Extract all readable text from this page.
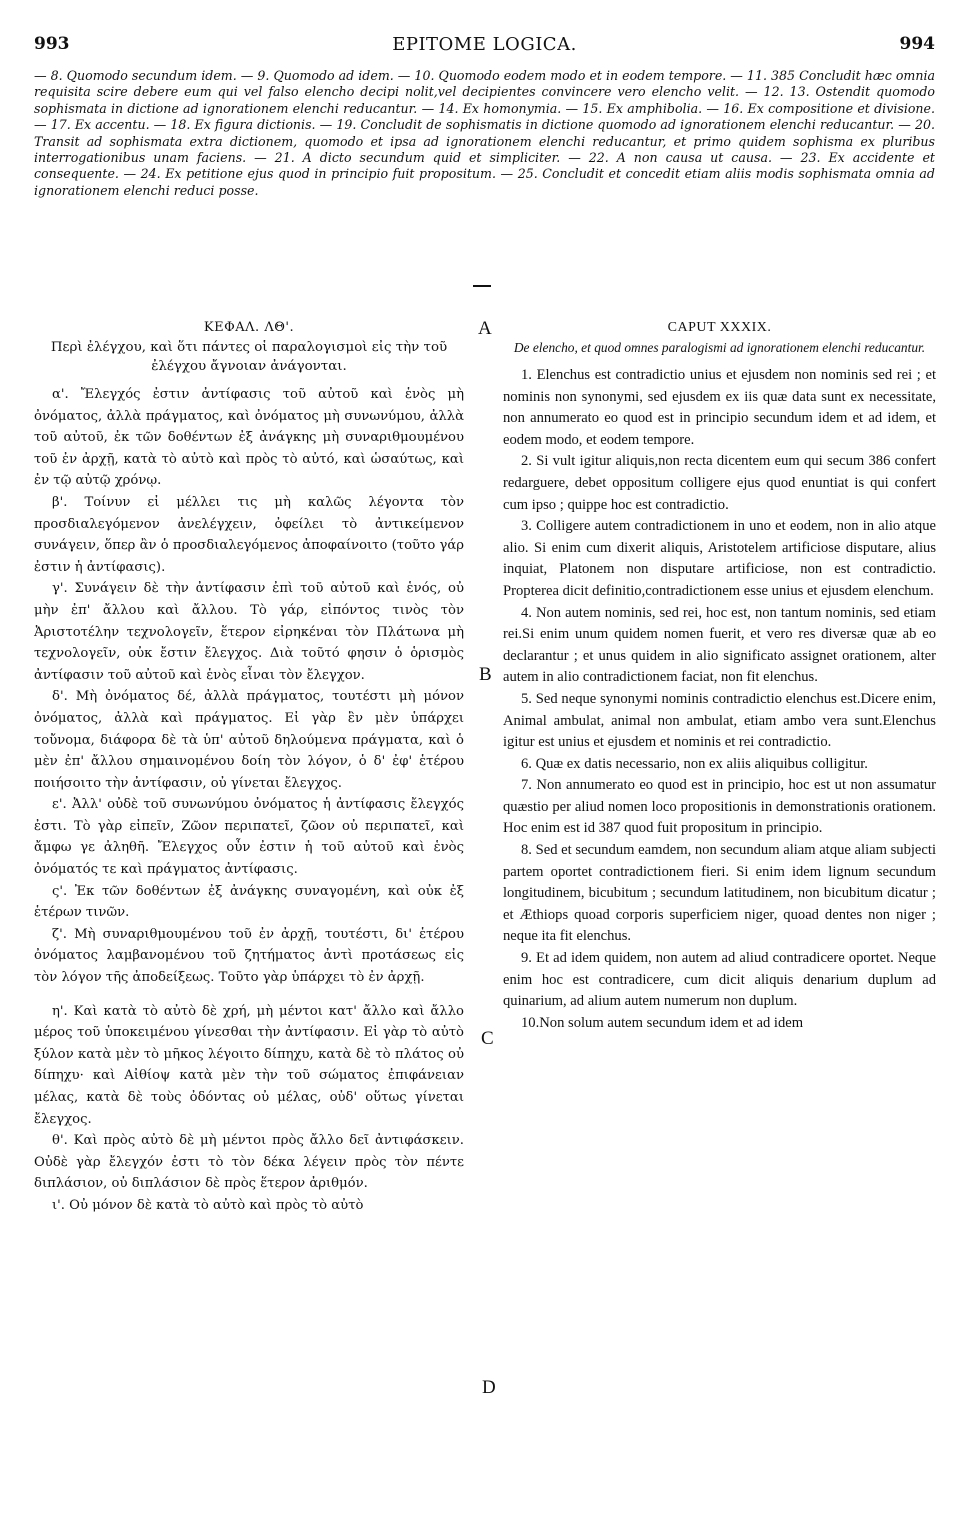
993	EPITOME LOGICA.	994
— 8. Quomodo secundum idem. — 9. Quomodo ad idem. — 10. Quomodo eodem modo et in eodem tempore. — 11. 385 Concludit hæc omnia requisita scire debere eum qui vel falso elencho decipi nolit,vel decipientes convincere vero elencho velit. — 12. 13. Ostendit quomodo sophismata in dictione ad ignorationem elenchi reducantur. — 14. Ex homonymia. — 15. Ex amphibolia. — 16. Ex compositione et divisione. — 17. Ex accentu. — 18. Ex figura dictionis. — 19. Concludit de sophismatis in dictione quomodo ad ignorationem elenchi reducantur. — 20. Transit ad sophismata extra dictionem, quomodo et ipsa ad ignorationem elenchi reducantur, et primo quidem sophisma ex pluribus interrogationibus unam faciens. — 21. A dicto secundum quid et simpliciter. — 22. A non causa ut causa. — 23. Ex accidente et consequente. — 24. Ex petitione ejus quod in principio fuit propositum. — 25. Concludit et concedit etiam aliis modis sophismata omnia ad ignorationem elenchi reduci posse.

ΚΕΦΑΛ. ΛΘ'.

Περὶ ἐλέγχου, καὶ ὅτι πάντες οἱ παραλογισμοὶ εἰς τὴν τοῦ ἐλέγχου ἄγνοιαν ἀνάγονται.

α'. Ἔλεγχός ἐστιν ἀντίφασις τοῦ αὐτοῦ καὶ ἑνὸς μὴ ὀνόματος, ἀλλὰ πράγματος, καὶ ὀνόματος μὴ συνωνύμου, ἀλλὰ τοῦ αὐτοῦ, ἐκ τῶν δοθέντων ἐξ ἀνάγκης μὴ συναριθμουμένου τοῦ ἐν ἀρχῇ, κατὰ τὸ αὐτὸ καὶ πρὸς τὸ αὐτό, καὶ ὡσαύτως, καὶ ἐν τῷ αὐτῷ χρόνῳ.

β'. Τοίνυν εἰ μέλλει τις μὴ καλῶς λέγοντα τὸν προσδιαλεγόμενον ἀνελέγχειν, ὀφείλει τὸ ἀντικείμενον συνάγειν, ὅπερ ἂν ὁ προσδιαλεγόμενος ἀποφαίνοιτο (τοῦτο γάρ ἐστιν ἡ ἀντίφασις).

γ'. Συνάγειν δὲ τὴν ἀντίφασιν ἐπὶ τοῦ αὐτοῦ καὶ ἑνός, οὐ μὴν ἐπ' ἄλλου καὶ ἄλλου. Τὸ γάρ, εἰπόντος τινὸς τὸν Ἀριστοτέλην τεχνολογεῖν, ἕτερον εἰρηκέναι τὸν Πλάτωνα μὴ τεχνολογεῖν, οὐκ ἔστιν ἔλεγχος. Διὰ τοῦτό φησιν ὁ ὁρισμὸς ἀντίφασιν τοῦ αὐτοῦ καὶ ἑνὸς εἶναι τὸν ἔλεγχον.

δ'. Μὴ ὀνόματος δέ, ἀλλὰ πράγματος, τουτέστι μὴ μόνον ὀνόματος, ἀλλὰ καὶ πράγματος. Εἰ γὰρ ἓν μὲν ὑπάρχει τοὔνομα, διάφορα δὲ τὰ ὑπ' αὐτοῦ δηλούμενα πράγματα, καὶ ὁ μὲν ἐπ' ἄλλου σημαινομένου δοίη τὸν λόγον, ὁ δ' ἐφ' ἑτέρου ποιήσοιτο τὴν ἀντίφασιν, οὐ γίνεται ἔλεγχος.

ε'. Ἀλλ' οὐδὲ τοῦ συνωνύμου ὀνόματος ἡ ἀντίφασις ἔλεγχός ἐστι. Τὸ γὰρ εἰπεῖν, Ζῶον περιπατεῖ, ζῶον οὐ περιπατεῖ, καὶ ἄμφω γε ἀληθῆ. Ἔλεγχος οὖν ἐστιν ἡ τοῦ αὐτοῦ καὶ ἑνὸς ὀνόματός τε καὶ πράγματος ἀντίφασις.

ς'. Ἐκ τῶν δοθέντων ἐξ ἀνάγκης συναγομένη, καὶ οὐκ ἐξ ἑτέρων τινῶν.

ζ'. Μὴ συναριθμουμένου τοῦ ἐν ἀρχῇ, τουτέστι, δι' ἑτέρου ὀνόματος λαμβανομένου τοῦ ζητήματος ἀντὶ προτάσεως εἰς τὸν λόγον τῆς ἀποδείξεως. Τοῦτο γὰρ ὑπάρχει τὸ ἐν ἀρχῇ.

η'. Καὶ κατὰ τὸ αὐτὸ δὲ χρή, μὴ μέντοι κατ' ἄλλο καὶ ἄλλο μέρος τοῦ ὑποκειμένου γίνεσθαι τὴν ἀντίφασιν. Εἰ γὰρ τὸ αὐτὸ ξύλον κατὰ μὲν τὸ μῆκος λέγοιτο δίπηχυ, κατὰ δὲ τὸ πλάτος οὐ δίπηχυ· καὶ Αἰθίοψ κατὰ μὲν τὴν τοῦ σώματος ἐπιφάνειαν μέλας, κατὰ δὲ τοὺς ὀδόντας οὐ μέλας, οὐδ' οὕτως γίνεται ἔλεγχος.

θ'. Καὶ πρὸς αὐτὸ δὲ μὴ μέντοι πρὸς ἄλλο δεῖ ἀντιφάσκειν. Οὐδὲ γὰρ ἔλεγχόν ἐστι τὸ τὸν δέκα λέγειν πρὸς τὸν πέντε διπλάσιον, οὐ διπλάσιον δὲ πρὸς ἕτερον ἀριθμόν.

ι'. Οὐ μόνον δὲ κατὰ τὸ αὐτὸ καὶ πρὸς τὸ αὐτὸ

CAPUT XXXIX.

De elencho, et quod omnes paralogismi ad ignorationem elenchi reducantur.

1. Elenchus est contradictio unius et ejusdem non nominis sed rei ; et nominis non synonymi, sed ejusdem ex iis quæ data sunt ex necessitate, non annumerato eo quod est in principio secundum idem et ad idem, et eodem modo, et eodem tempore.

2. Si vult igitur aliquis,non recta dicentem eum qui secum 386 confert redarguere, debet oppositum colligere ejus quod enuntiat is qui confert cum ipso ; quippe hoc est contradictio.

3. Colligere autem contradictionem in uno et eodem, non in alio atque alio. Si enim cum dixerit aliquis, Aristotelem artificiose disputare, alius inquiat, Platonem non disputare artificiose, non est contradictio. Propterea dicit definitio,contradictionem esse unius et ejusdem elenchum.

4. Non autem nominis, sed rei, hoc est, non tantum nominis, sed etiam rei.Si enim unum quidem nomen fuerit, et vero res diversæ quæ ab eo declarantur ; et unus quidem in alio significato assignet orationem, alter autem in alio contradictionem faciat, non fit elenchus.

5. Sed neque synonymi nominis contradictio elenchus est.Dicere enim, Animal ambulat, animal non ambulat, etiam ambo vera sunt.Elenchus igitur est unius et ejusdem et nominis et rei contradictio.

6. Quæ ex datis necessario, non ex aliis aliquibus colligitur.

7. Non annumerato eo quod est in principio, hoc est ut non assumatur quæstio per aliud nomen loco propositionis in demonstrationis orationem. Hoc enim est id 387 quod fuit propositum in principio.

8. Sed et secundum eamdem, non secundum aliam atque aliam subjecti partem oportet contradictionem fieri. Si enim idem lignum secundum longitudinem, bicubitum ; secundum latitudinem, non bicubitum dicatur ; et Æthiops quoad corporis superficiem niger, quoad dentes non niger ; neque ita fit elenchus.

9. Et ad idem quidem, non autem ad aliud contradicere oportet. Neque enim hoc est contradicere, cum dicit aliquis denarium duplum ad quinarium, ad alium autem numerum non duplum.

10.Non solum autem secundum idem et ad idem

A
B
C
D
